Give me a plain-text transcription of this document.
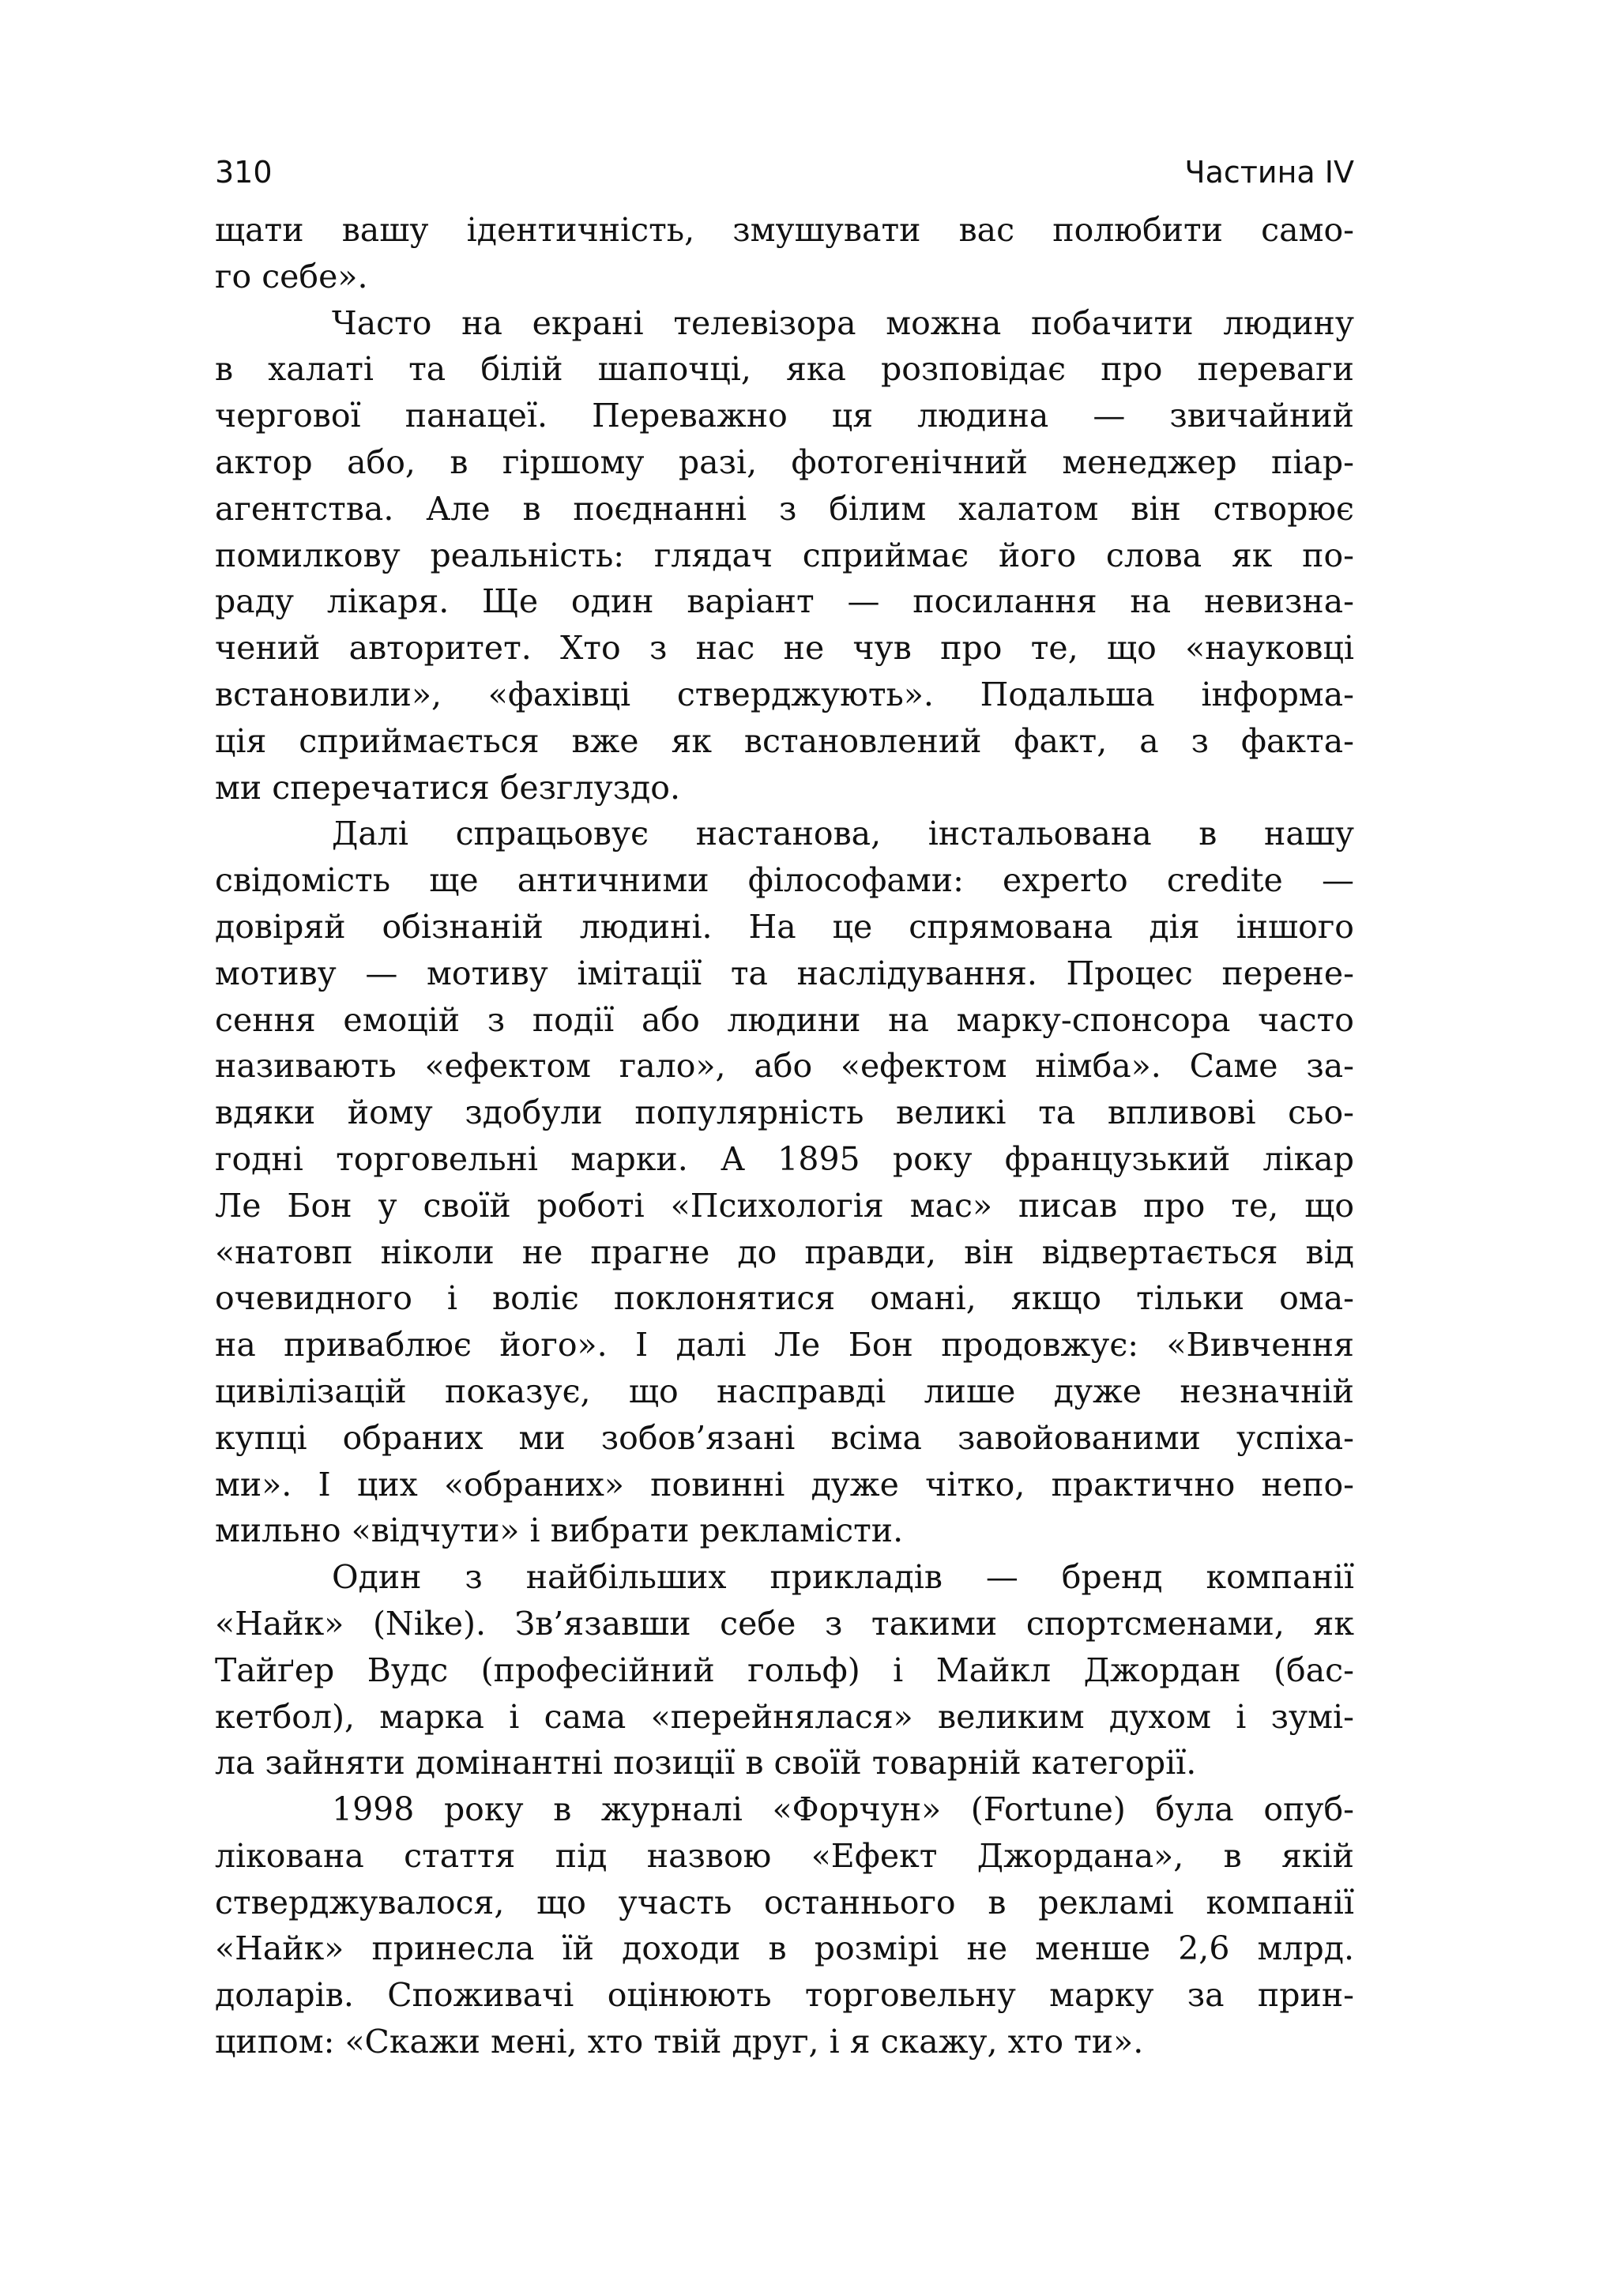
310	Частина IV
щати вашу ідентичність, змушувати вас полюбити само-
го себе».
Часто на екрані телевізора можна побачити людину
в халаті та білій шапочці, яка розповідає про переваги
чергової панацеї. Переважно ця людина — звичайний
актор або, в гіршому разі, фотогенічний менеджер піар-
агентства. Але в поєднанні з білим халатом він створює
помилкову реальність: глядач сприймає його слова як по-
раду лікаря. Ще один варіант — посилання на невизна-
чений авторитет. Хто з нас не чув про те, що «науковці
встановили», «фахівці стверджують». Подальша інформа-
ція сприймається вже як встановлений факт, а з факта-
ми сперечатися безглуздо.
Далі спрацьовує настанова, інстальована в нашу
свідомість ще античними філософами: experto credite —
довіряй обізнаній людині. На це спрямована дія іншого
мотиву — мотиву імітації та наслідування. Процес перене-
сення емоцій з події або людини на марку-спонсора часто
називають «ефектом гало», або «ефектом німба». Саме за-
вдяки йому здобули популярність великі та впливові сьо-
годні торговельні марки. А 1895 року французький лікар
Ле Бон у своїй роботі «Психологія мас» писав про те, що
«натовп ніколи не прагне до правди, він відвертається від
очевидного і воліє поклонятися омані, якщо тільки ома-
на приваблює його». І далі Ле Бон продовжує: «Вивчення
цивілізацій показує, що насправді лише дуже незначній
купці обраних ми зобов’язані всіма завойованими успіха-
ми». І цих «обраних» повинні дуже чітко, практично непо-
мильно «відчути» і вибрати рекламісти.
Один з найбільших прикладів — бренд компанії
«Найк» (Nike). Зв’язавши себе з такими спортсменами, як
Тайґер Вудс (професійний гольф) і Майкл Джордан (бас-
кетбол), марка і сама «перейнялася» великим духом і зумі-
ла зайняти домінантні позиції в своїй товарній категорії.
1998 року в журналі «Форчун» (Fortune) була опуб-
лікована стаття під назвою «Ефект Джордана», в якій
стверджувалося, що участь останнього в рекламі компанії
«Найк» принесла їй доходи в розмірі не менше 2,6 млрд.
доларів. Споживачі оцінюють торговельну марку за прин-
ципом: «Скажи мені, хто твій друг, і я скажу, хто ти».
